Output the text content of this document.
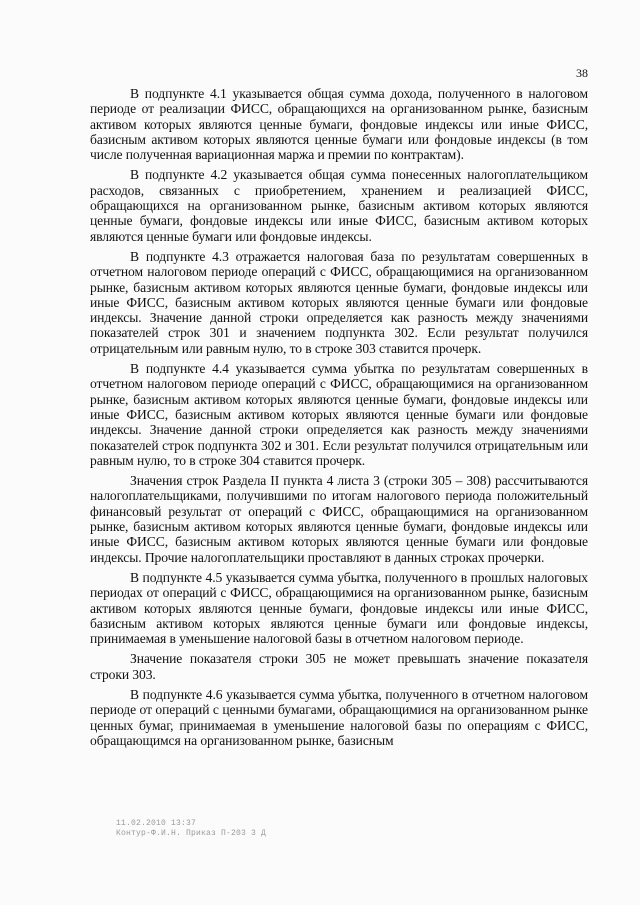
38

В подпункте 4.1 указывается общая сумма дохода, полученного в налоговом периоде от реализации ФИСС, обращающихся на организованном рынке, базисным активом которых являются ценные бумаги, фондовые индексы или иные ФИСС, базисным активом которых являются ценные бумаги или фондовые индексы (в том числе полученная вариационная маржа и премии по контрактам).

В подпункте 4.2 указывается общая сумма понесенных налогоплательщиком расходов, связанных с приобретением, хранением и реализацией ФИСС, обращающихся на организованном рынке, базисным активом которых являются ценные бумаги, фондовые индексы или иные ФИСС, базисным активом которых являются ценные бумаги или фондовые индексы.

В подпункте 4.3 отражается налоговая база по результатам совершенных в отчетном налоговом периоде операций с ФИСС, обращающимися на организованном рынке, базисным активом которых являются ценные бумаги, фондовые индексы или иные ФИСС, базисным активом которых являются ценные бумаги или фондовые индексы. Значение данной строки определяется как разность между значениями показателей строк 301 и значением подпункта 302. Если результат получился отрицательным или равным нулю, то в строке 303 ставится прочерк.

В подпункте 4.4 указывается сумма убытка по результатам совершенных в отчетном налоговом периоде операций с ФИСС, обращающимися на организованном рынке, базисным активом которых являются ценные бумаги, фондовые индексы или иные ФИСС, базисным активом которых являются ценные бумаги или фондовые индексы. Значение данной строки определяется как разность между значениями показателей строк подпункта 302 и 301. Если результат получился отрицательным или равным нулю, то в строке 304 ставится прочерк.

Значения строк Раздела II пункта 4 листа 3 (строки 305 – 308) рассчитываются налогоплательщиками, получившими по итогам налогового периода положительный финансовый результат от операций с ФИСС, обращающимися на организованном рынке, базисным активом которых являются ценные бумаги, фондовые индексы или иные ФИСС, базисным активом которых являются ценные бумаги или фондовые индексы. Прочие налогоплательщики проставляют в данных строках прочерки.

В подпункте 4.5 указывается сумма убытка, полученного в прошлых налоговых периодах от операций с ФИСС, обращающимися на организованном рынке, базисным активом которых являются ценные бумаги, фондовые индексы или иные ФИСС, базисным активом которых являются ценные бумаги или фондовые индексы, принимаемая в уменьшение налоговой базы в отчетном налоговом периоде.

Значение показателя строки 305 не может превышать значение показателя строки 303.

В подпункте 4.6 указывается сумма убытка, полученного в отчетном налоговом периоде от операций с ценными бумагами, обращающимися на организованном рынке ценных бумаг, принимаемая в уменьшение налоговой базы по операциям с ФИСС, обращающимся на организованном рынке, базисным

11.02.2010 13:37
Контур-Ф.И.Н. Приказ П-203 3 Д
